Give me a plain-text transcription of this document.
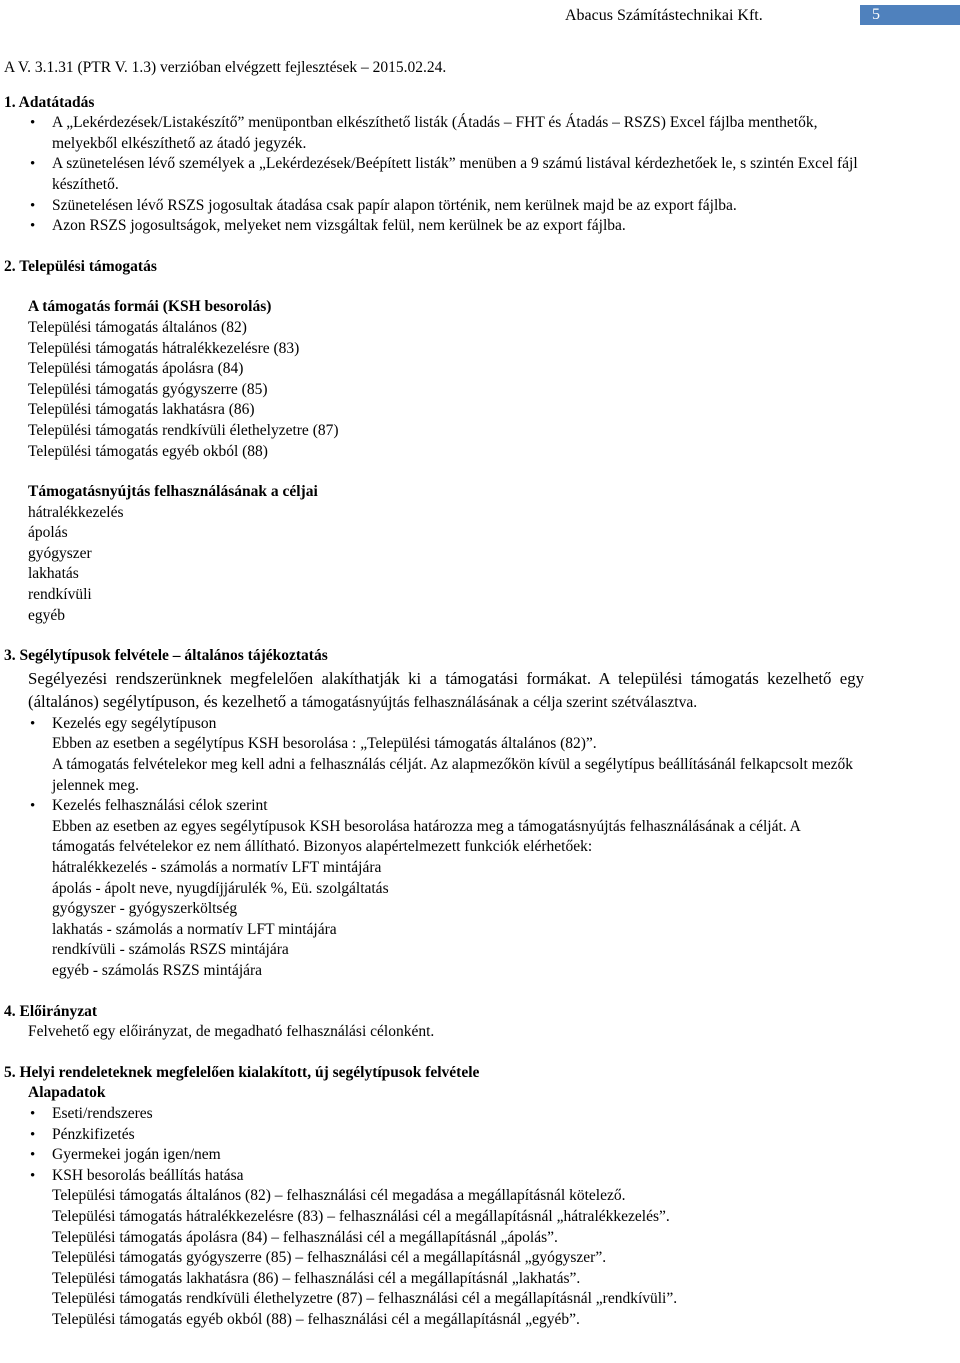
Abacus Számítástechnikai Kft.	5
A V. 3.1.31 (PTR V. 1.3) verzióban elvégzett fejlesztések – 2015.02.24.
1. Adatátadás
• A „Lekérdezések/Listakészítő” menüpontban elkészíthető listák (Átadás – FHT és Átadás – RSZS) Excel fájlba menthetők, melyekből elkészíthető az átadó jegyzék.
• A szünetelésen lévő személyek a „Lekérdezések/Beépített listák” menüben a 9 számú listával kérdezhetőek le, s szintén Excel fájl készíthető.
• Szünetelésen lévő RSZS jogosultak átadása csak papír alapon történik, nem kerülnek majd be az export fájlba.
• Azon RSZS jogosultságok, melyeket nem vizsgáltak felül, nem kerülnek be az export fájlba.
2. Települési támogatás
A támogatás formái (KSH besorolás)
Települési támogatás általános (82)
Települési támogatás hátralékkezelésre (83)
Települési támogatás ápolásra (84)
Települési támogatás gyógyszerre (85)
Települési támogatás lakhatásra (86)
Települési támogatás rendkívüli élethelyzetre (87)
Települési támogatás egyéb okból (88)
Támogatásnyújtás felhasználásának a céljai
hátralékkezelés
ápolás
gyógyszer
lakhatás
rendkívüli
egyéb
3. Segélytípusok felvétele – általános tájékoztatás
Segélyezési rendszerünknek megfelelően alakíthatják ki a támogatási formákat. A települési támogatás kezelhető egy (általános) segélytípuson, és kezelhető a támogatásnyújtás felhasználásának a célja szerint szétválasztva.
• Kezelés egy segélytípuson
Ebben az esetben a segélytípus KSH besorolása : „Települési támogatás általános (82)”.
A támogatás felvételekor meg kell adni a felhasználás célját. Az alapmezőkön kívül a segélytípus beállításánál felkapcsolt mezők jelennek meg.
• Kezelés felhasználási célok szerint
Ebben az esetben az egyes segélytípusok KSH besorolása határozza meg a támogatásnyújtás felhasználásának a célját. A támogatás felvételekor ez nem állítható. Bizonyos alapértelmezett funkciók elérhetőek:
hátralékkezelés - számolás a normatív LFT mintájára
ápolás - ápolt neve, nyugdíjjárulék %, Eü. szolgáltatás
gyógyszer - gyógyszerköltség
lakhatás - számolás a normatív LFT mintájára
rendkívüli - számolás RSZS mintájára
egyéb - számolás RSZS mintájára
4. Előirányzat
Felvehető egy előirányzat, de megadható felhasználási célonként.
5. Helyi rendeleteknek megfelelően kialakított, új segélytípusok felvétele
Alapadatok
• Eseti/rendszeres
• Pénzkifizetés
• Gyermekei jogán igen/nem
• KSH besorolás beállítás hatása
Települési támogatás általános (82) – felhasználási cél megadása a megállapításnál kötelező.
Települési támogatás hátralékkezelésre (83) – felhasználási cél a megállapításnál „hátralékkezelés”.
Települési támogatás ápolásra (84) – felhasználási cél a megállapításnál „ápolás”.
Települési támogatás gyógyszerre (85) – felhasználási cél a megállapításnál „gyógyszer”.
Települési támogatás lakhatásra (86) – felhasználási cél a megállapításnál „lakhatás”.
Települési támogatás rendkívüli élethelyzetre (87) – felhasználási cél a megállapításnál „rendkívüli”.
Települési támogatás egyéb okból (88) – felhasználási cél a megállapításnál „egyéb”.
